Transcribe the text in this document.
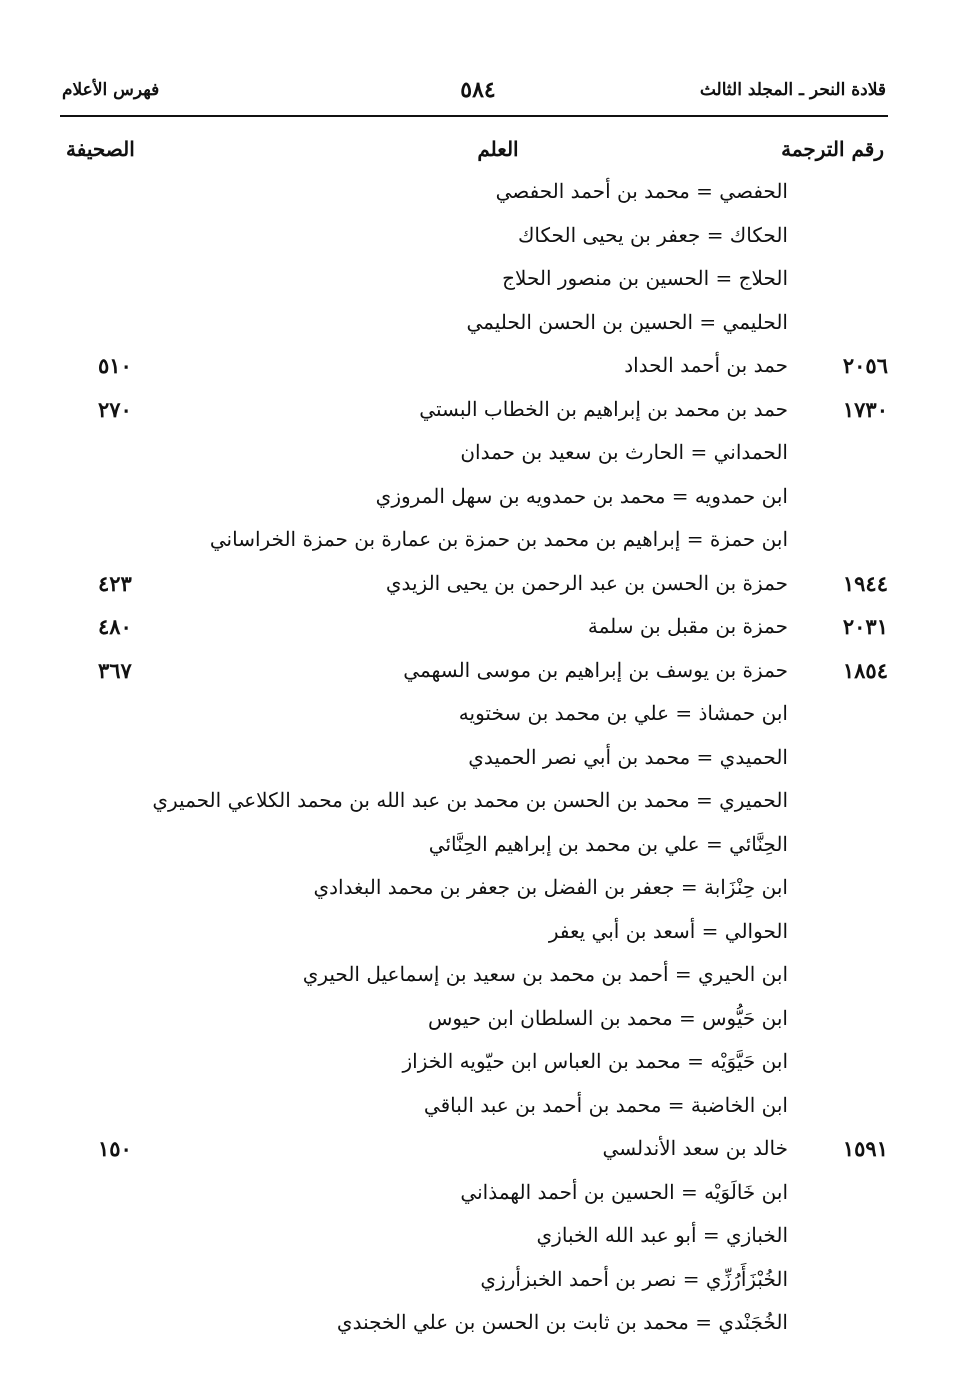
قلادة النحر ـ المجلد الثالث
٥٨٤
فهرس الأعلام
رقم الترجمة
العلم
الصحيفة
الحفصي = محمد بن أحمد الحفصي
الحكاك = جعفر بن يحيى الحكاك
الحلاج = الحسين بن منصور الحلاج
الحليمي = الحسين بن الحسن الحليمي
٢٠٥٦
حمد بن أحمد الحداد
٥١٠
١٧٣٠
حمد بن محمد بن إبراهيم بن الخطاب البستي
٢٧٠
الحمداني = الحارث بن سعيد بن حمدان
ابن حمدويه = محمد بن حمدويه بن سهل المروزي
ابن حمزة = إبراهيم بن محمد بن حمزة بن عمارة بن حمزة الخراساني
١٩٤٤
حمزة بن الحسن بن عبد الرحمن بن يحيى الزيدي
٤٢٣
٢٠٣١
حمزة بن مقبل بن سلمة
٤٨٠
١٨٥٤
حمزة بن يوسف بن إبراهيم بن موسى السهمي
٣٦٧
ابن حمشاذ = علي بن محمد بن سختويه
الحميدي = محمد بن أبي نصر الحميدي
الحميري = محمد بن الحسن بن محمد بن عبد الله بن محمد الكلاعي الحميري
الحِنَّائي = علي بن محمد بن إبراهيم الحِنَّائي
ابن حِنْزَابة = جعفر بن الفضل بن جعفر بن محمد البغدادي
الحوالي = أسعد بن أبي يعفر
ابن الحيري = أحمد بن محمد بن سعيد بن إسماعيل الحيري
ابن حَيُّوس = محمد بن السلطان ابن حيوس
ابن حَيَّوَيْه = محمد بن العباس ابن حيّويه الخزاز
ابن الخاضبة = محمد بن أحمد بن عبد الباقي
١٥٩١
خالد بن سعد الأندلسي
١٥٠
ابن خَالَوَيْه = الحسين بن أحمد الهمذاني
الخبازي = أبو عبد الله الخبازي
الخُبْزَأَرُزِّي = نصر بن أحمد الخبزأرزي
الخُجَنْدي = محمد بن ثابت بن الحسن بن علي الخجندي
